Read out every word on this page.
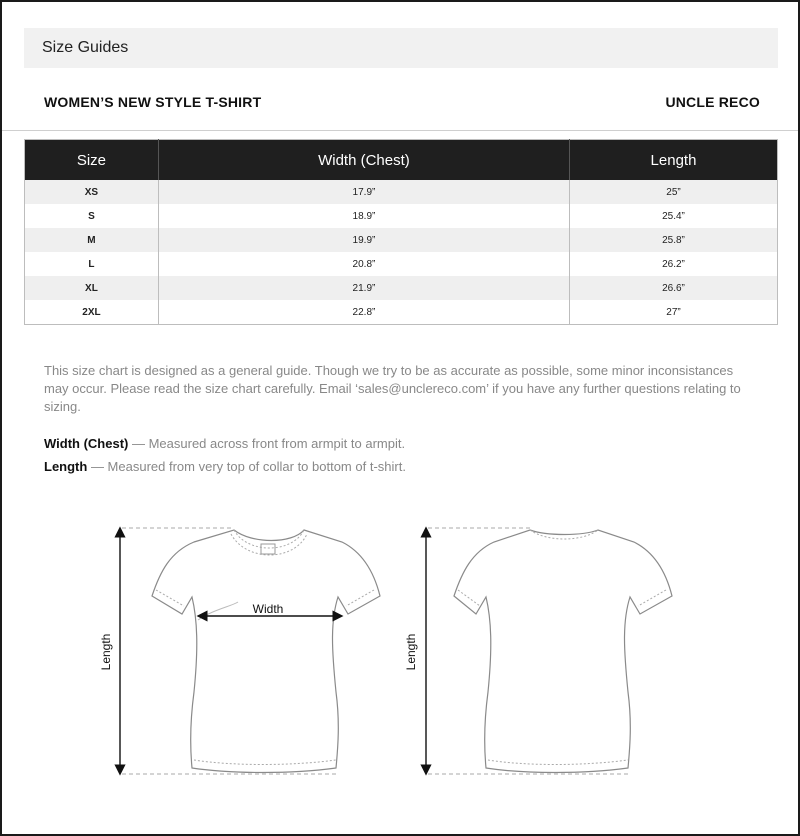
Size Guides
WOMEN’S NEW STYLE T-SHIRT	UNCLE RECO
Size	Width (Chest)	Length
XS	17.9”	25”
S	18.9”	25.4”
M	19.9”	25.8”
L	20.8”	26.2”
XL	21.9”	26.6”
2XL	22.8”	27”

This size chart is designed as a general guide. Though we try to be as accurate as possible, some minor inconsistances may occur. Please read the size chart carefully. Email ‘sales@unclereco.com’ if you have any further questions relating to sizing.

Width (Chest) — Measured across front from armpit to armpit.
Length — Measured from very top of collar to bottom of t-shirt.
Width
Length	Length
